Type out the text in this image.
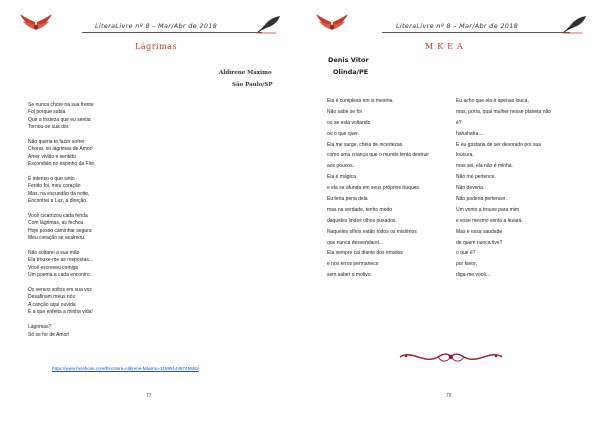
LiteraLivre nº 8 – Mar/Abr de 2018
Lágrimas
Aldirene Máximo
São Paulo/SP
Se nunca chore na sua frente
Foi porque sabia
Que a tristeza que eu sentia
Tornou-se sua dor.
Não queria te fazer sofrer
Chorar, só lágrimas de Amor!
Amor vivido e sentido
Escondido no espinho da Flor.
É intenso o que sinto
Ferido foi, meu coração
Mas, na escuridão da noite,
Encontrei a Luz, a direção.
Você cicatrizou cada ferida
Com lágrimas, as fechou
Hoje posso caminhar segura
Meu coração se acalmou.
Não soltarei a sua mão
Ela trouxe-me as respostas...
Você escreveu comigo
Um poema a cada encontro.
Os versos soltos em sua voz
Desafinam meus nós
A canção aqui ouvida
É a que enfeita a minha vida!
Lágrimas?
Só se for de Amor!
https://www.facebook.com/Escritora-Aldirene-Máximo-316951448745860/
77
LiteraLivre nº 8 – Mar/Abr de 2018
MKEA
Denis Vitor
Olinda/PE
Ela é complexa em si mesma.
Não sabe se foi
ou se está voltando
ou o que quer.
Ela me surge, cheia de incertezas
como uma criança que o mundo tenta destruir
aos poucos.
Ela é mágica
e ela se afunda em seus próprios truques.
Eu teria pena dela
mas na verdade, tenho medo
daqueles lindos olhos puxados.
Naqueles olhos estão todos os mistérios
que nunca desvendarei...
Ela sempre cai diante dos errados
e nos erros permanece
sem saber o motivo.
Eu acho que ela é apenas louca,
mas, porra, qual mulher nesse planeta não
é?
hahahaha....
E eu gostaria de ser devorado por sua
loucura,
mas sei, ela não é minha.
Não me pertence.
Não deveria.
Não poderia pertencer.
Um vento a trouxe para mim
e esse mesmo vento a levará.
Mas e essa saudade
de quem nunca tive?
o que é?
por favor,
diga-me você...
78
